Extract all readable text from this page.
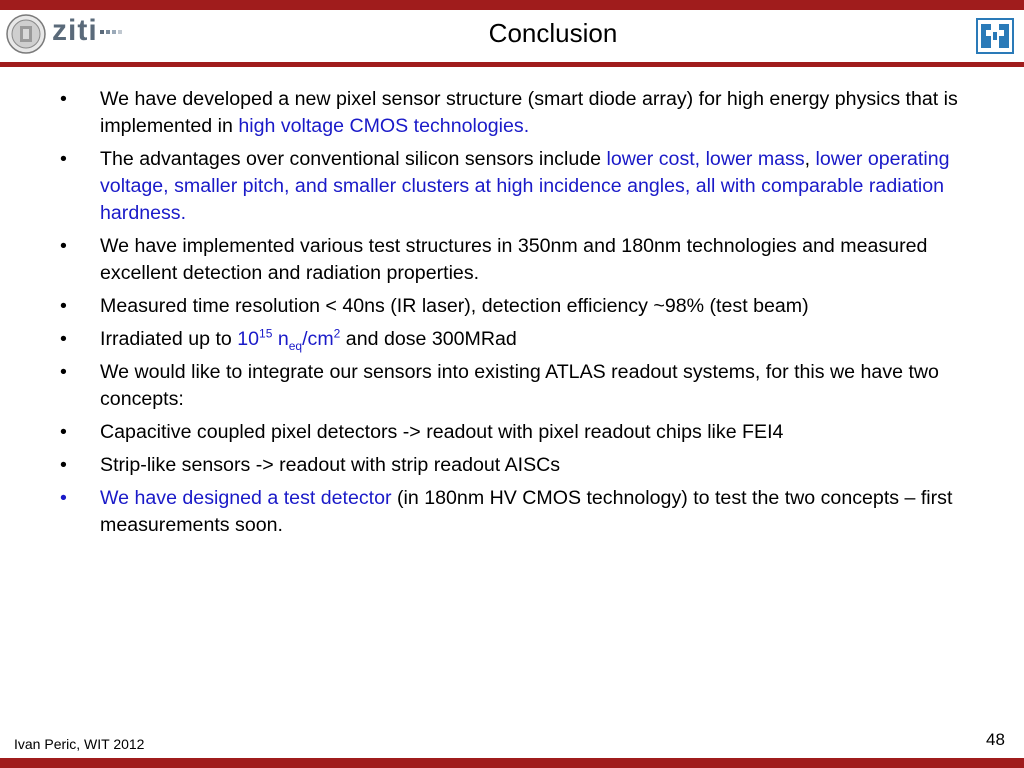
ziti	Conclusion
• We have developed a new pixel sensor structure (smart diode array) for high energy physics that is implemented in high voltage CMOS technologies.
• The advantages over conventional silicon sensors include lower cost, lower mass, lower operating voltage, smaller pitch, and smaller clusters at high incidence angles, all with comparable radiation hardness.
• We have implemented various test structures in 350nm and 180nm technologies and measured excellent detection and radiation properties.
• Measured time resolution < 40ns (IR laser), detection efficiency ~98% (test beam)
• Irradiated up to $10^{15}$ $n_{eq}/cm^2$ and dose 300MRad
• We would like to integrate our sensors into existing ATLAS readout systems, for this we have two concepts:
• Capacitive coupled pixel detectors -> readout with pixel readout chips like FEI4
• Strip-like sensors -> readout with strip readout AISCs
• We have designed a test detector (in 180nm HV CMOS technology) to test the two concepts – first measurements soon.
Ivan Peric, WIT 2012	48
